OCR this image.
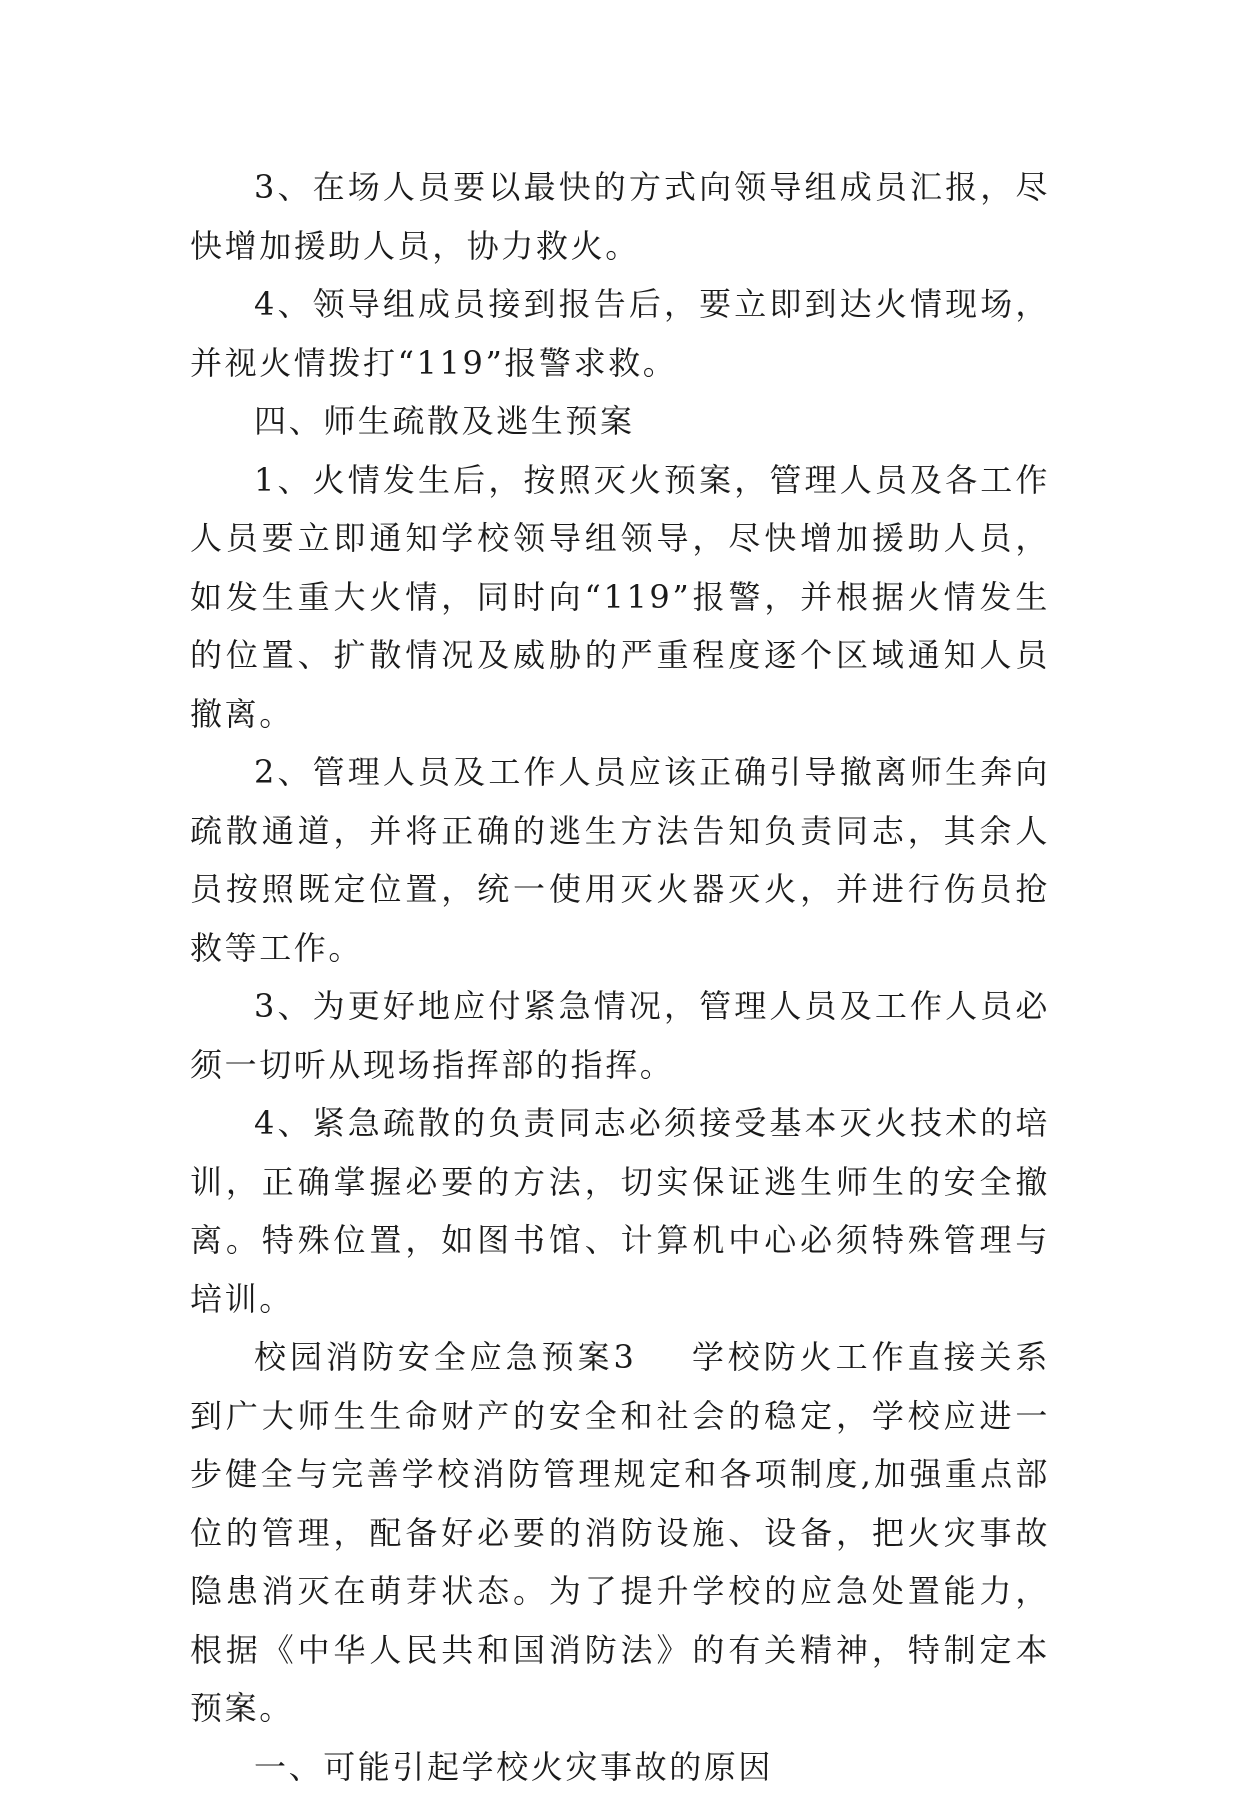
3、在场人员要以最快的方式向领导组成员汇报，尽快增加援助人员，协力救火。

4、领导组成员接到报告后，要立即到达火情现场，并视火情拨打“119”报警求救。

四、师生疏散及逃生预案

1、火情发生后，按照灭火预案，管理人员及各工作人员要立即通知学校领导组领导，尽快增加援助人员，如发生重大火情，同时向“119”报警，并根据火情发生的位置、扩散情况及威胁的严重程度逐个区域通知人员撤离。

2、管理人员及工作人员应该正确引导撤离师生奔向疏散通道，并将正确的逃生方法告知负责同志，其余人员按照既定位置，统一使用灭火器灭火，并进行伤员抢救等工作。

3、为更好地应付紧急情况，管理人员及工作人员必须一切听从现场指挥部的指挥。

4、紧急疏散的负责同志必须接受基本灭火技术的培训，正确掌握必要的方法，切实保证逃生师生的安全撤离。特殊位置，如图书馆、计算机中心必须特殊管理与培训。

校园消防安全应急预案3 学校防火工作直接关系到广大师生生命财产的安全和社会的稳定，学校应进一步健全与完善学校消防管理规定和各项制度,加强重点部位的管理，配备好必要的消防设施、设备，把火灾事故隐患消灭在萌芽状态。为了提升学校的应急处置能力，根据《中华人民共和国消防法》的有关精神，特制定本预案。

一、可能引起学校火灾事故的原因
